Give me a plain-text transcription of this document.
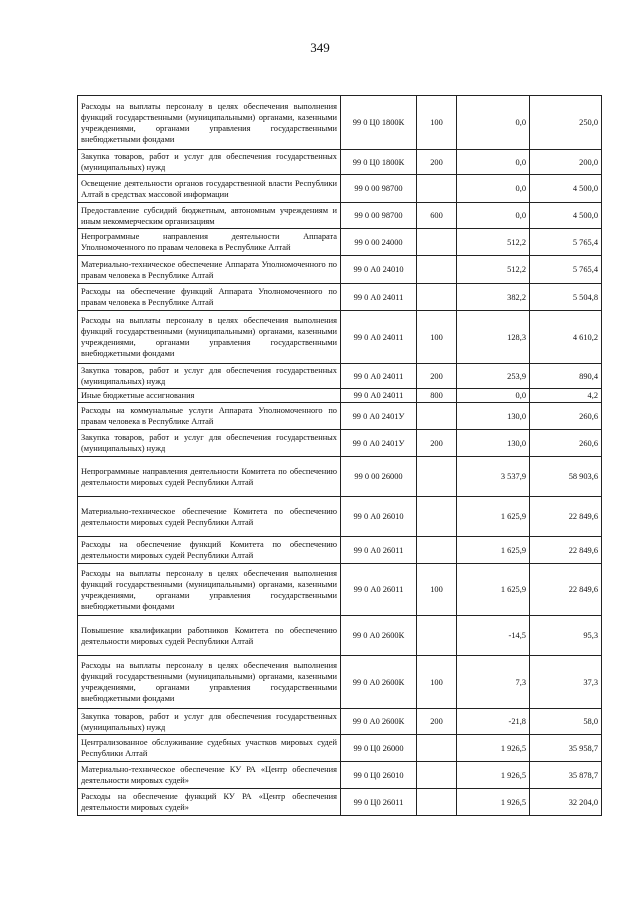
349
Расходы на выплаты персоналу в целях обеспечения выполнения функций государственными (муниципальными) органами, казенными учреждениями, органами управления государственными внебюджетными фондами	99 0 Ц0 1800К	100	0,0	250,0
Закупка товаров, работ и услуг для обеспечения государственных (муниципальных) нужд	99 0 Ц0 1800К	200	0,0	200,0
Освещение деятельности органов государственной власти Республики Алтай в средствах массовой информации	99 0 00 98700		0,0	4 500,0
Предоставление субсидий бюджетным, автономным учреждениям и иным некоммерческим организациям	99 0 00 98700	600	0,0	4 500,0
Непрограммные направления деятельности Аппарата Уполномоченного по правам человека в Республике Алтай	99 0 00 24000		512,2	5 765,4
Материально-техническое обеспечение Аппарата Уполномоченного по правам человека в Республике Алтай	99 0 А0 24010		512,2	5 765,4
Расходы на обеспечение функций Аппарата Уполномоченного по правам человека в Республике Алтай	99 0 А0 24011		382,2	5 504,8
Расходы на выплаты персоналу в целях обеспечения выполнения функций государственными (муниципальными) органами, казенными учреждениями, органами управления государственными внебюджетными фондами	99 0 А0 24011	100	128,3	4 610,2
Закупка товаров, работ и услуг для обеспечения государственных (муниципальных) нужд	99 0 А0 24011	200	253,9	890,4
Иные бюджетные ассигнования	99 0 А0 24011	800	0,0	4,2
Расходы на коммунальные услуги Аппарата Уполномоченного по правам человека в Республике Алтай	99 0 А0 2401У		130,0	260,6
Закупка товаров, работ и услуг для обеспечения государственных (муниципальных) нужд	99 0 А0 2401У	200	130,0	260,6
Непрограммные направления деятельности Комитета по обеспечению деятельности мировых судей Республики Алтай	99 0 00 26000		3 537,9	58 903,6
Материально-техническое обеспечение Комитета по обеспечению деятельности мировых судей Республики Алтай	99 0 А0 26010		1 625,9	22 849,6
Расходы на обеспечение функций Комитета по обеспечению деятельности мировых судей Республики Алтай	99 0 А0 26011		1 625,9	22 849,6
Расходы на выплаты персоналу в целях обеспечения выполнения функций государственными (муниципальными) органами, казенными учреждениями, органами управления государственными внебюджетными фондами	99 0 А0 26011	100	1 625,9	22 849,6
Повышение квалификации работников Комитета по обеспечению деятельности мировых судей Республики Алтай	99 0 А0 2600К		-14,5	95,3
Расходы на выплаты персоналу в целях обеспечения выполнения функций государственными (муниципальными) органами, казенными учреждениями, органами управления государственными внебюджетными фондами	99 0 А0 2600К	100	7,3	37,3
Закупка товаров, работ и услуг для обеспечения государственных (муниципальных) нужд	99 0 А0 2600К	200	-21,8	58,0
Централизованное обслуживание судебных участков мировых судей Республики Алтай	99 0 Ц0 26000		1 926,5	35 958,7
Материально-техническое обеспечение КУ РА «Центр обеспечения деятельности мировых судей»	99 0 Ц0 26010		1 926,5	35 878,7
Расходы на обеспечение функций КУ РА «Центр обеспечения деятельности мировых судей»	99 0 Ц0 26011		1 926,5	32 204,0
